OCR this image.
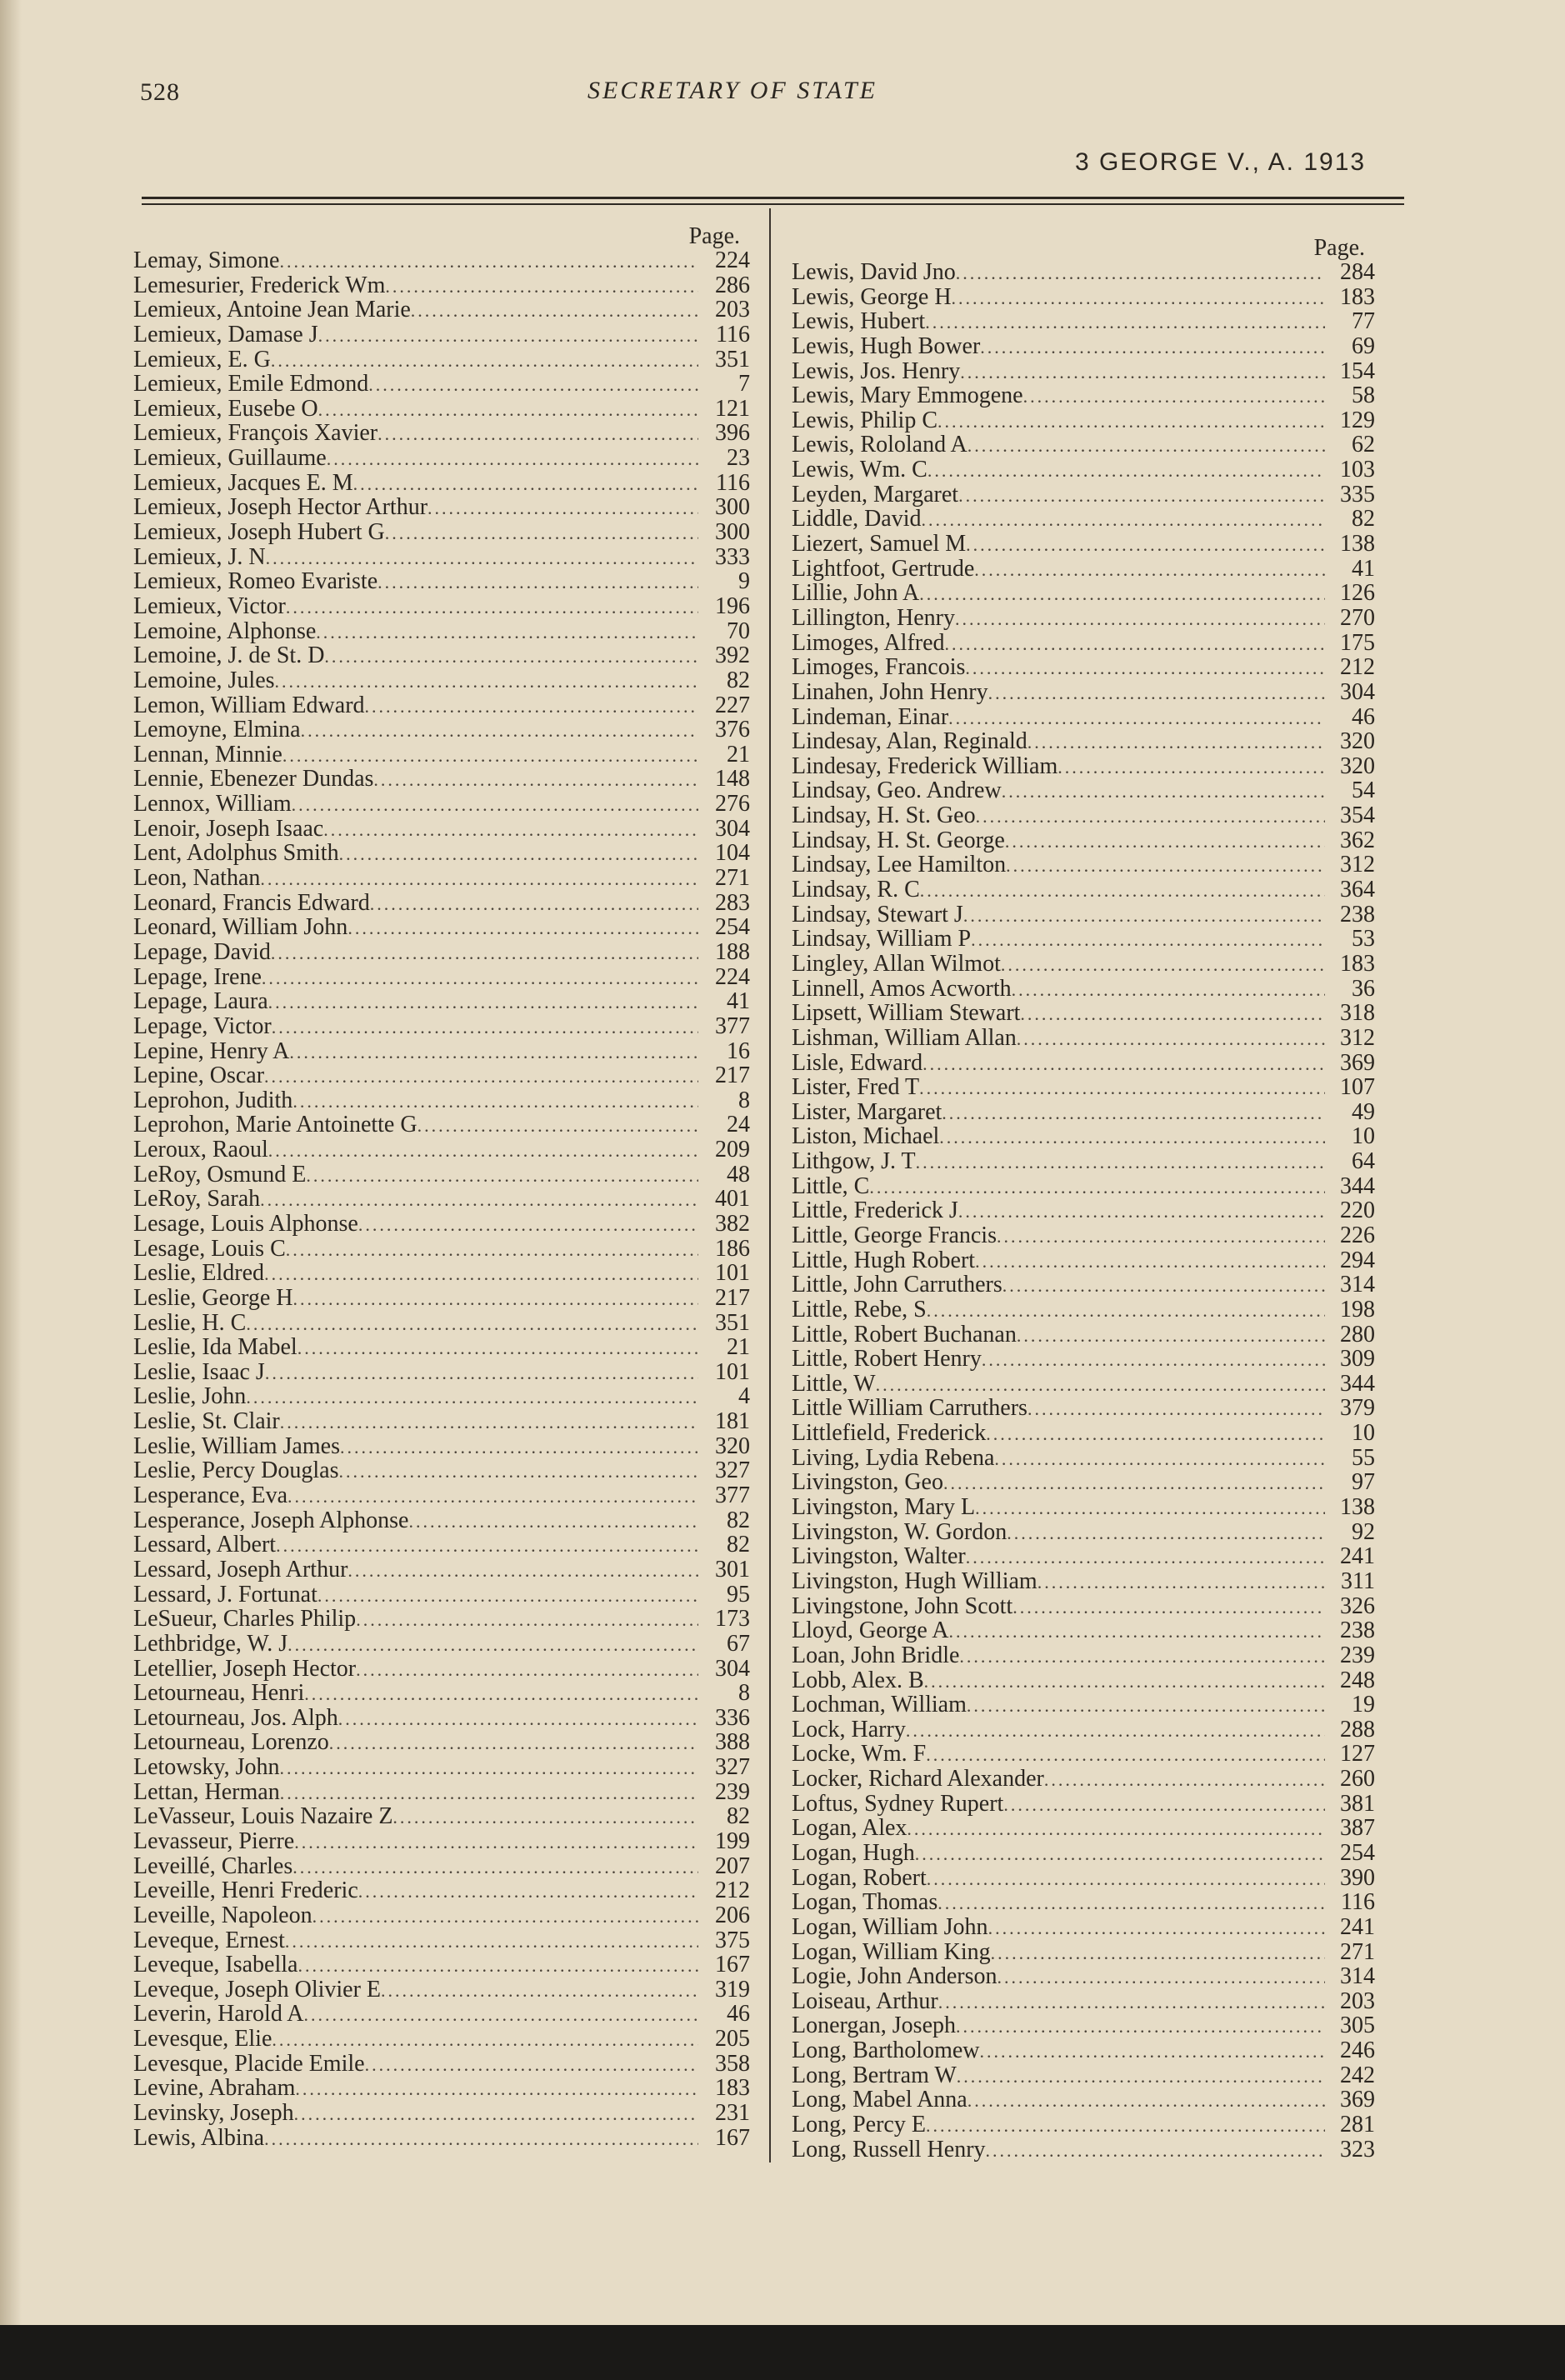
528	SECRETARY OF STATE
3 GEORGE V., A. 1913
Page.
Lemay, Simone .....	224
Lemesurier, Frederick Wm .....	286
Lemieux, Antoine Jean Marie .....	203
Lemieux, Damase J .....	116
Lemieux, E. G .....	351
Lemieux, Emile Edmond .....	7
Lemieux, Eusebe O .....	121
Lemieux, François Xavier .....	396
Lemieux, Guillaume .....	23
Lemieux, Jacques E. M .....	116
Lemieux, Joseph Hector Arthur .....	300
Lemieux, Joseph Hubert G .....	300
Lemieux, J. N .....	333
Lemieux, Romeo Evariste .....	9
Lemieux, Victor .....	196
Lemoine, Alphonse .....	70
Lemoine, J. de St. D .....	392
Lemoine, Jules .....	82
Lemon, William Edward .....	227
Lemoyne, Elmina .....	376
Lennan, Minnie .....	21
Lennie, Ebenezer Dundas .....	148
Lennox, William .....	276
Lenoir, Joseph Isaac .....	304
Lent, Adolphus Smith .....	104
Leon, Nathan .....	271
Leonard, Francis Edward .....	283
Leonard, William John .....	254
Lepage, David .....	188
Lepage, Irene .....	224
Lepage, Laura .....	41
Lepage, Victor .....	377
Lepine, Henry A .....	16
Lepine, Oscar .....	217
Leprohon, Judith .....	8
Leprohon, Marie Antoinette G .....	24
Leroux, Raoul .....	209
LeRoy, Osmund E .....	48
LeRoy, Sarah .....	401
Lesage, Louis Alphonse .....	382
Lesage, Louis C .....	186
Leslie, Eldred .....	101
Leslie, George H .....	217
Leslie, H. C .....	351
Leslie, Ida Mabel .....	21
Leslie, Isaac J .....	101
Leslie, John .....	4
Leslie, St. Clair .....	181
Leslie, William James .....	320
Leslie, Percy Douglas .....	327
Lesperance, Eva .....	377
Lesperance, Joseph Alphonse .....	82
Lessard, Albert .....	82
Lessard, Joseph Arthur .....	301
Lessard, J. Fortunat .....	95
LeSueur, Charles Philip .....	173
Lethbridge, W. J .....	67
Letellier, Joseph Hector .....	304
Letourneau, Henri .....	8
Letourneau, Jos. Alph .....	336
Letourneau, Lorenzo .....	388
Letowsky, John .....	327
Lettan, Herman .....	239
LeVasseur, Louis Nazaire Z .....	82
Levasseur, Pierre .....	199
Leveillé, Charles .....	207
Leveille, Henri Frederic .....	212
Leveille, Napoleon .....	206
Leveque, Ernest .....	375
Leveque, Isabella .....	167
Leveque, Joseph Olivier E .....	319
Leverin, Harold A .....	46
Levesque, Elie .....	205
Levesque, Placide Emile .....	358
Levine, Abraham .....	183
Levinsky, Joseph .....	231
Lewis, Albina .....	167
Page.
Lewis, David Jno .....	284
Lewis, George H .....	183
Lewis, Hubert .....	77
Lewis, Hugh Bower .....	69
Lewis, Jos. Henry .....	154
Lewis, Mary Emmogene .....	58
Lewis, Philip C .....	129
Lewis, Rololand A .....	62
Lewis, Wm. C .....	103
Leyden, Margaret .....	335
Liddle, David .....	82
Liezert, Samuel M .....	138
Lightfoot, Gertrude .....	41
Lillie, John A .....	126
Lillington, Henry .....	270
Limoges, Alfred .....	175
Limoges, Francois .....	212
Linahen, John Henry .....	304
Lindeman, Einar .....	46
Lindesay, Alan, Reginald .....	320
Lindesay, Frederick William .....	320
Lindsay, Geo. Andrew .....	54
Lindsay, H. St. Geo .....	354
Lindsay, H. St. George .....	362
Lindsay, Lee Hamilton .....	312
Lindsay, R. C .....	364
Lindsay, Stewart J .....	238
Lindsay, William P .....	53
Lingley, Allan Wilmot .....	183
Linnell, Amos Acworth .....	36
Lipsett, William Stewart .....	318
Lishman, William Allan .....	312
Lisle, Edward .....	369
Lister, Fred T .....	107
Lister, Margaret .....	49
Liston, Michael .....	10
Lithgow, J. T .....	64
Little, C .....	344
Little, Frederick J .....	220
Little, George Francis .....	226
Little, Hugh Robert .....	294
Little, John Carruthers .....	314
Little, Rebe, S .....	198
Little, Robert Buchanan .....	280
Little, Robert Henry .....	309
Little, W .....	344
Little William Carruthers .....	379
Littlefield, Frederick .....	10
Living, Lydia Rebena .....	55
Livingston, Geo .....	97
Livingston, Mary L .....	138
Livingston, W. Gordon .....	92
Livingston, Walter .....	241
Livingston, Hugh William .....	311
Livingstone, John Scott .....	326
Lloyd, George A .....	238
Loan, John Bridle .....	239
Lobb, Alex. B .....	248
Lochman, William .....	19
Lock, Harry .....	288
Locke, Wm. F .....	127
Locker, Richard Alexander .....	260
Loftus, Sydney Rupert .....	381
Logan, Alex .....	387
Logan, Hugh .....	254
Logan, Robert .....	390
Logan, Thomas .....	116
Logan, William John .....	241
Logan, William King .....	271
Logie, John Anderson .....	314
Loiseau, Arthur .....	203
Lonergan, Joseph .....	305
Long, Bartholomew .....	246
Long, Bertram W .....	242
Long, Mabel Anna .....	369
Long, Percy E .....	281
Long, Russell Henry .....	323
